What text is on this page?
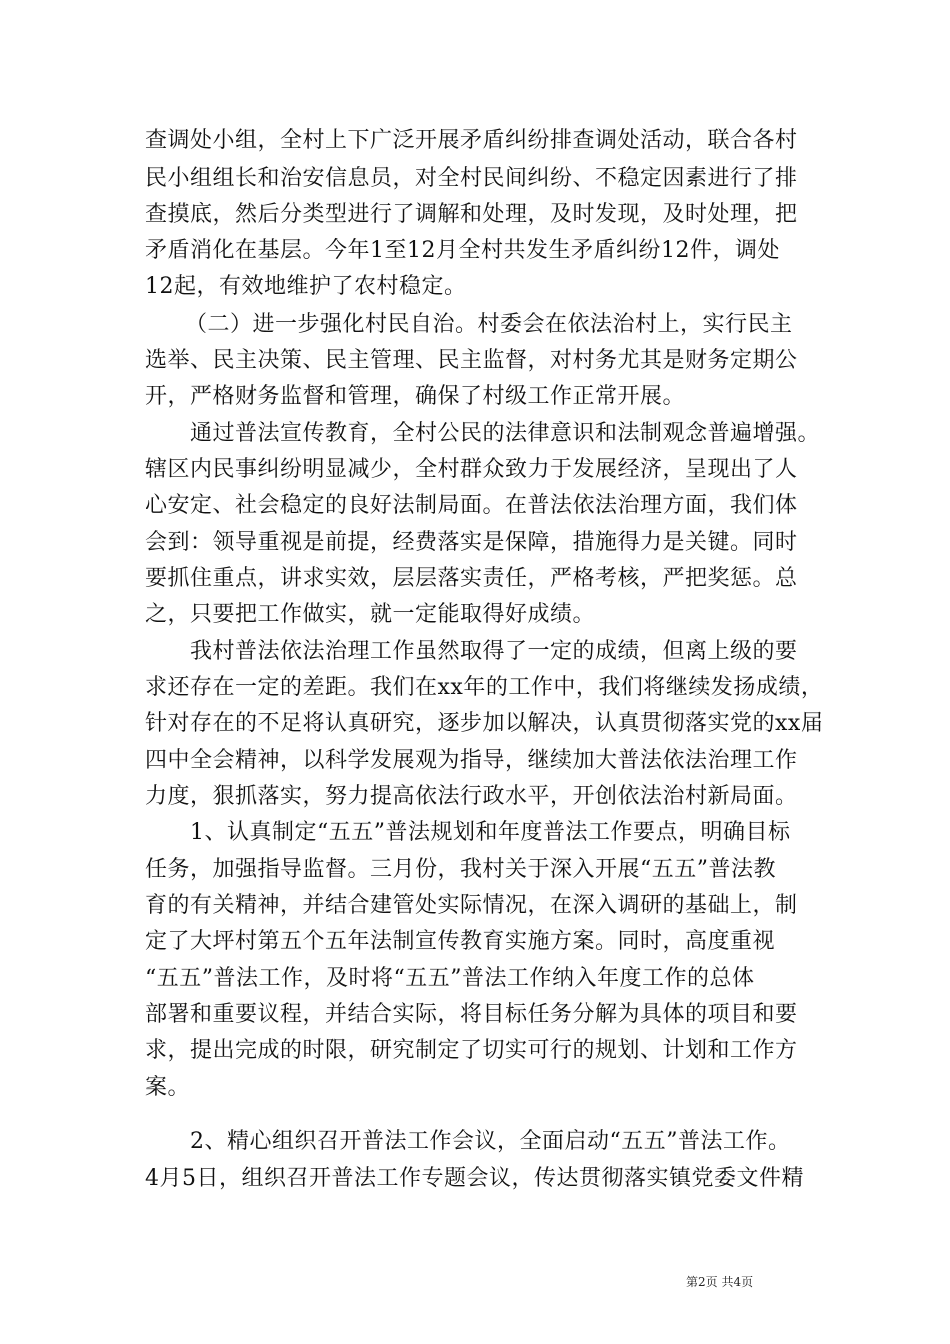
查调处小组，全村上下广泛开展矛盾纠纷排查调处活动，联合各村
民小组组长和治安信息员，对全村民间纠纷、不稳定因素进行了排
查摸底，然后分类型进行了调解和处理，及时发现，及时处理，把
矛盾消化在基层。今年1至12月全村共发生矛盾纠纷12件，调处
12起，有效地维护了农村稳定。
（二）进一步强化村民自治。村委会在依法治村上，实行民主
选举、民主决策、民主管理、民主监督，对村务尤其是财务定期公
开，严格财务监督和管理，确保了村级工作正常开展。
通过普法宣传教育，全村公民的法律意识和法制观念普遍增强。
辖区内民事纠纷明显减少，全村群众致力于发展经济，呈现出了人
心安定、社会稳定的良好法制局面。在普法依法治理方面，我们体
会到：领导重视是前提，经费落实是保障，措施得力是关键。同时
要抓住重点，讲求实效，层层落实责任，严格考核，严把奖惩。总
之，只要把工作做实，就一定能取得好成绩。
我村普法依法治理工作虽然取得了一定的成绩，但离上级的要
求还存在一定的差距。我们在xx年的工作中，我们将继续发扬成绩，
针对存在的不足将认真研究，逐步加以解决，认真贯彻落实党的xx届
四中全会精神，以科学发展观为指导，继续加大普法依法治理工作
力度，狠抓落实，努力提高依法行政水平，开创依法治村新局面。
1、认真制定“五五”普法规划和年度普法工作要点，明确目标
任务，加强指导监督。三月份，我村关于深入开展“五五”普法教
育的有关精神，并结合建管处实际情况，在深入调研的基础上，制
定了大坪村第五个五年法制宣传教育实施方案。同时，高度重视
“五五”普法工作，及时将“五五”普法工作纳入年度工作的总体
部署和重要议程，并结合实际，将目标任务分解为具体的项目和要
求，提出完成的时限，研究制定了切实可行的规划、计划和工作方
案。
2、精心组织召开普法工作会议，全面启动“五五”普法工作。
4月5日，组织召开普法工作专题会议，传达贯彻落实镇党委文件精
第2页 共4页
